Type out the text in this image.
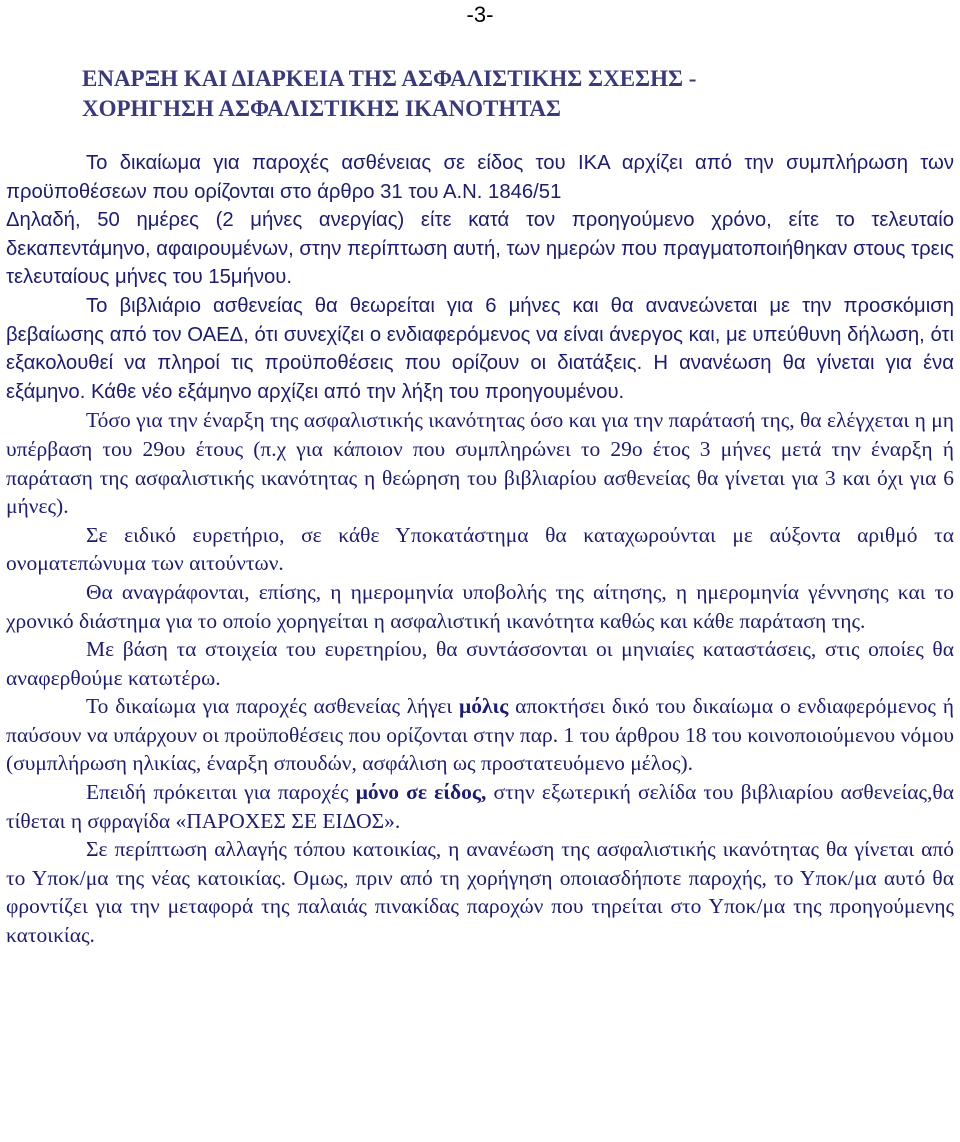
-3-
ΕΝΑΡΞΗ ΚΑΙ ΔΙΑΡΚΕΙΑ ΤΗΣ ΑΣΦΑΛΙΣΤΙΚΗΣ ΣΧΕΣΗΣ -
ΧΟΡΗΓΗΣΗ ΑΣΦΑΛΙΣΤΙΚΗΣ ΙΚΑΝΟΤΗΤΑΣ

Το δικαίωμα για παροχές ασθένειας σε είδος του ΙΚΑ αρχίζει από την συμπλήρωση των προϋποθέσεων που ορίζονται στο άρθρο 31 του Α.Ν. 1846/51

Δηλαδή, 50 ημέρες (2 μήνες ανεργίας) είτε κατά τον προηγούμενο χρόνο, είτε το τελευταίο δεκαπεντάμηνο, αφαιρουμένων, στην περίπτωση αυτή, των ημερών που πραγματοποιήθηκαν στους τρεις τελευταίους μήνες του 15μήνου.

Το βιβλιάριο ασθενείας θα θεωρείται για 6 μήνες και θα ανανεώνεται με την προσκόμιση βεβαίωσης από τον ΟΑΕΔ, ότι συνεχίζει ο ενδιαφερόμενος να είναι άνεργος και, με υπεύθυνη δήλωση, ότι εξακολουθεί να πληροί τις προϋποθέσεις που ορίζουν οι διατάξεις. Η ανανέωση θα γίνεται για ένα εξάμηνο. Κάθε νέο εξάμηνο αρχίζει από την λήξη του προηγουμένου.

Τόσο για την έναρξη της ασφαλιστικής ικανότητας όσο και για την παράτασή της, θα ελέγχεται η μη υπέρβαση του 29ου έτους (π.χ για κάποιον που συμπληρώνει το 29ο έτος 3 μήνες μετά την έναρξη ή παράταση της ασφαλιστικής ικανότητας η θεώρηση του βιβλιαρίου ασθενείας θα γίνεται για 3 και όχι για 6 μήνες).

Σε ειδικό ευρετήριο, σε κάθε Υποκατάστημα θα καταχωρούνται με αύξοντα αριθμό τα ονοματεπώνυμα των αιτούντων.

Θα αναγράφονται, επίσης, η ημερομηνία υποβολής της αίτησης, η ημερομηνία γέννησης και το χρονικό διάστημα για το οποίο χορηγείται η ασφαλιστική ικανότητα καθώς και κάθε παράταση της.

Με βάση τα στοιχεία του ευρετηρίου, θα συντάσσονται οι μηνιαίες καταστάσεις, στις οποίες θα αναφερθούμε κατωτέρω.

Το δικαίωμα για παροχές ασθενείας λήγει μόλις αποκτήσει δικό του δικαίωμα ο ενδιαφερόμενος ή παύσουν να υπάρχουν οι προϋποθέσεις που ορίζονται στην παρ. 1 του άρθρου 18 του κοινοποιούμενου νόμου (συμπλήρωση ηλικίας, έναρξη σπουδών, ασφάλιση ως προστατευόμενο μέλος).

Επειδή πρόκειται για παροχές μόνο σε είδος, στην εξωτερική σελίδα του βιβλιαρίου ασθενείας,θα τίθεται η σφραγίδα «ΠΑΡΟΧΕΣ ΣΕ ΕΙΔΟΣ».

Σε περίπτωση αλλαγής τόπου κατοικίας, η ανανέωση της ασφαλιστικής ικανότητας θα γίνεται από το Υποκ/μα της νέας κατοικίας. Ομως, πριν από τη χορήγηση οποιασδήποτε παροχής, το Υποκ/μα αυτό θα φροντίζει για την μεταφορά της παλαιάς πινακίδας παροχών που τηρείται στο Υποκ/μα της προηγούμενης κατοικίας.
